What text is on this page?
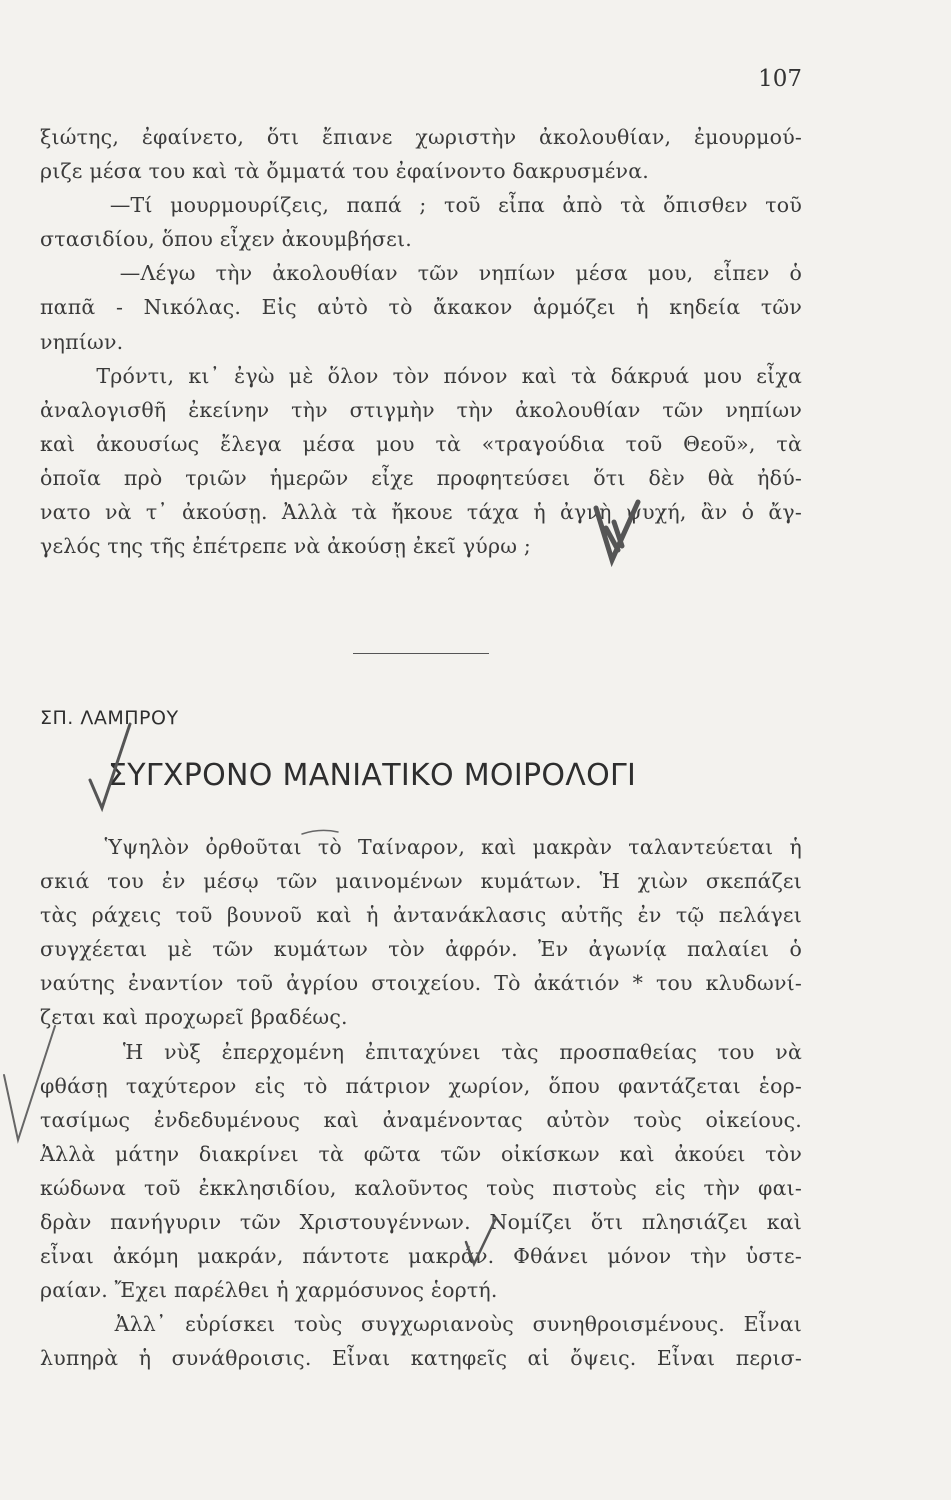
107
ξιώτης, ἐφαίνετο, ὅτι ἔπιανε χωριστὴν ἀκολουθίαν, ἐμουρμού-
ριζε μέσα του καὶ τὰ ὄμματά του ἐφαίνοντο δακρυσμένα.
—Τί μουρμουρίζεις, παπά ; τοῦ εἶπα ἀπὸ τὰ ὄπισθεν τοῦ
στασιδίου, ὅπου εἶχεν ἀκουμβήσει.
—Λέγω τὴν ἀκολουθίαν τῶν νηπίων μέσα μου, εἶπεν ὁ
παπᾶ - Νικόλας. Εἰς αὐτὸ τὸ ἄκακον ἁρμόζει ἡ κηδεία τῶν
νηπίων.
Τρόντι, κι᾿ ἐγὼ μὲ ὅλον τὸν πόνον καὶ τὰ δάκρυά μου εἶχα
ἀναλογισθῆ ἐκείνην τὴν στιγμὴν τὴν ἀκολουθίαν τῶν νηπίων
καὶ ἀκουσίως ἔλεγα μέσα μου τὰ «τραγούδια τοῦ Θεοῦ», τὰ
ὁποῖα πρὸ τριῶν ἡμερῶν εἶχε προφητεύσει ὅτι δὲν θὰ ἠδύ-
νατο νὰ τ᾿ ἀκούσῃ. Ἀλλὰ τὰ ἤκουε τάχα ἡ ἀγνὴ ψυχή, ἂν ὁ ἄγ-
γελός της τῆς ἐπέτρεπε νὰ ἀκούσῃ ἐκεῖ γύρω ;
ΣΠ. ΛΑΜΠΡΟΥ
ΣΥΓΧΡΟΝΟ ΜΑΝΙΑΤΙΚΟ ΜΟΙΡΟΛΟΓΙ
Ὑψηλὸν ὀρθοῦται τὸ Ταίναρον, καὶ μακρὰν ταλαντεύεται ἡ
σκιά του ἐν μέσῳ τῶν μαινομένων κυμάτων. Ἡ χιὼν σκεπάζει
τὰς ράχεις τοῦ βουνοῦ καὶ ἡ ἀντανάκλασις αὐτῆς ἐν τῷ πελάγει
συγχέεται μὲ τῶν κυμάτων τὸν ἀφρόν. Ἐν ἀγωνίᾳ παλαίει ὁ
ναύτης ἐναντίον τοῦ ἀγρίου στοιχείου. Τὸ ἀκάτιόν * του κλυδωνί-
ζεται καὶ προχωρεῖ βραδέως.
Ἡ νὺξ ἐπερχομένη ἐπιταχύνει τὰς προσπαθείας του νὰ
φθάσῃ ταχύτερον εἰς τὸ πάτριον χωρίον, ὅπου φαντάζεται ἑορ-
τασίμως ἐνδεδυμένους καὶ ἀναμένοντας αὐτὸν τοὺς οἰκείους.
Ἀλλὰ μάτην διακρίνει τὰ φῶτα τῶν οἰκίσκων καὶ ἀκούει τὸν
κώδωνα τοῦ ἐκκλησιδίου, καλοῦντος τοὺς πιστοὺς εἰς τὴν φαι-
δρὰν πανήγυριν τῶν Χριστουγέννων. Νομίζει ὅτι πλησιάζει καὶ
εἶναι ἀκόμη μακράν, πάντοτε μακράν. Φθάνει μόνον τὴν ὑστε-
ραίαν. Ἔχει παρέλθει ἡ χαρμόσυνος ἑορτή.
Ἀλλ᾿ εὑρίσκει τοὺς συγχωριανοὺς συνηθροισμένους. Εἶναι
λυπηρὰ ἡ συνάθροισις. Εἶναι κατηφεῖς αἱ ὄψεις. Εἶναι περισ-
